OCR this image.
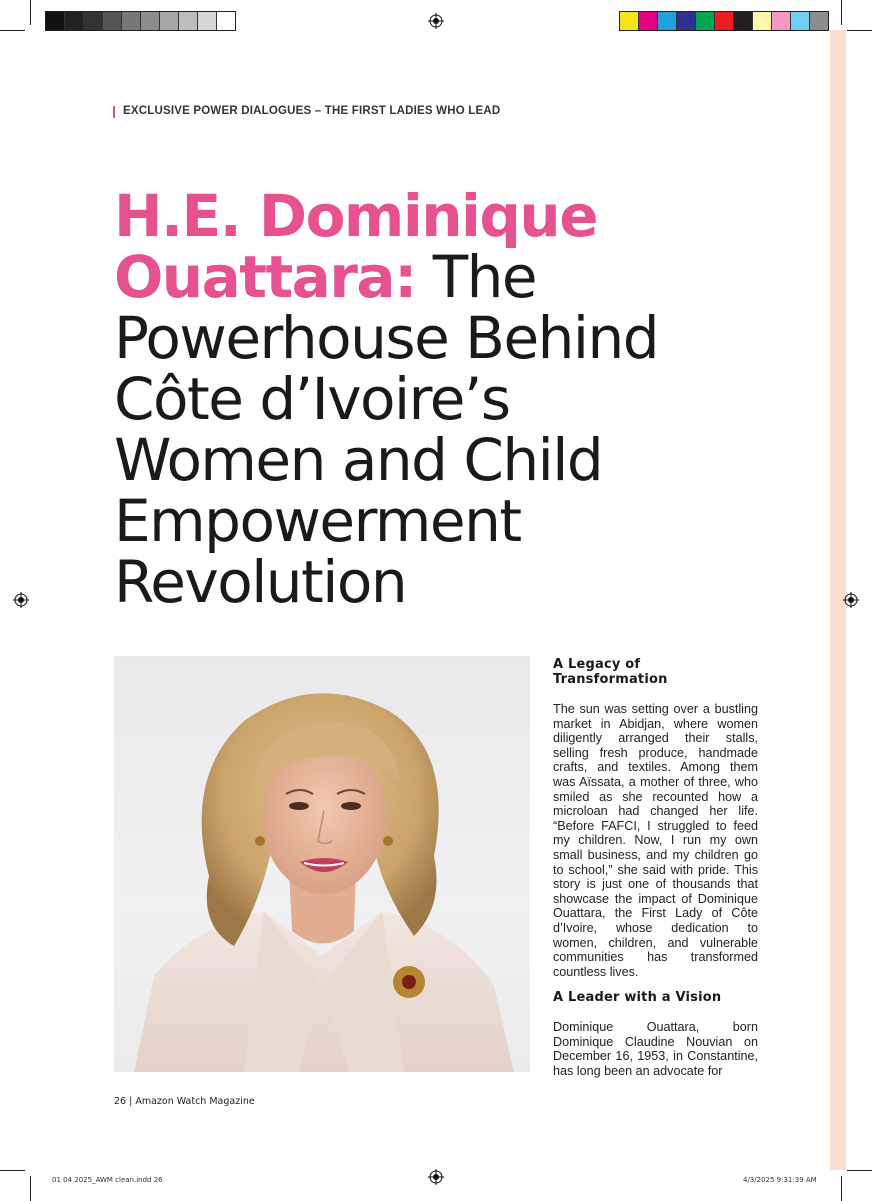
EXCLUSIVE POWER DIALOGUES – THE FIRST LADIES WHO LEAD
H.E. Dominique
Ouattara: The
Powerhouse Behind
Côte d’Ivoire’s
Women and Child
Empowerment
Revolution

A Legacy of Transformation

The sun was setting over a bustling market in Abidjan, where women diligently arranged their stalls, selling fresh produce, handmade crafts, and textiles. Among them was Aïssata, a mother of three, who smiled as she recounted how a microloan had changed her life. “Before FAFCI, I struggled to feed my children. Now, I run my own small business, and my children go to school,” she said with pride. This story is just one of thousands that showcase the impact of Dominique Ouattara, the First Lady of Côte d’Ivoire, whose dedication to women, children, and vulnerable communities has transformed countless lives.

A Leader with a Vision

Dominique Ouattara, born Dominique Claudine Nouvian on December 16, 1953, in Constantine, has long been an advocate for

26 | Amazon Watch Magazine
01 04 2025_AWM clean.indd 26	4/3/2025 9:31:39 AM
